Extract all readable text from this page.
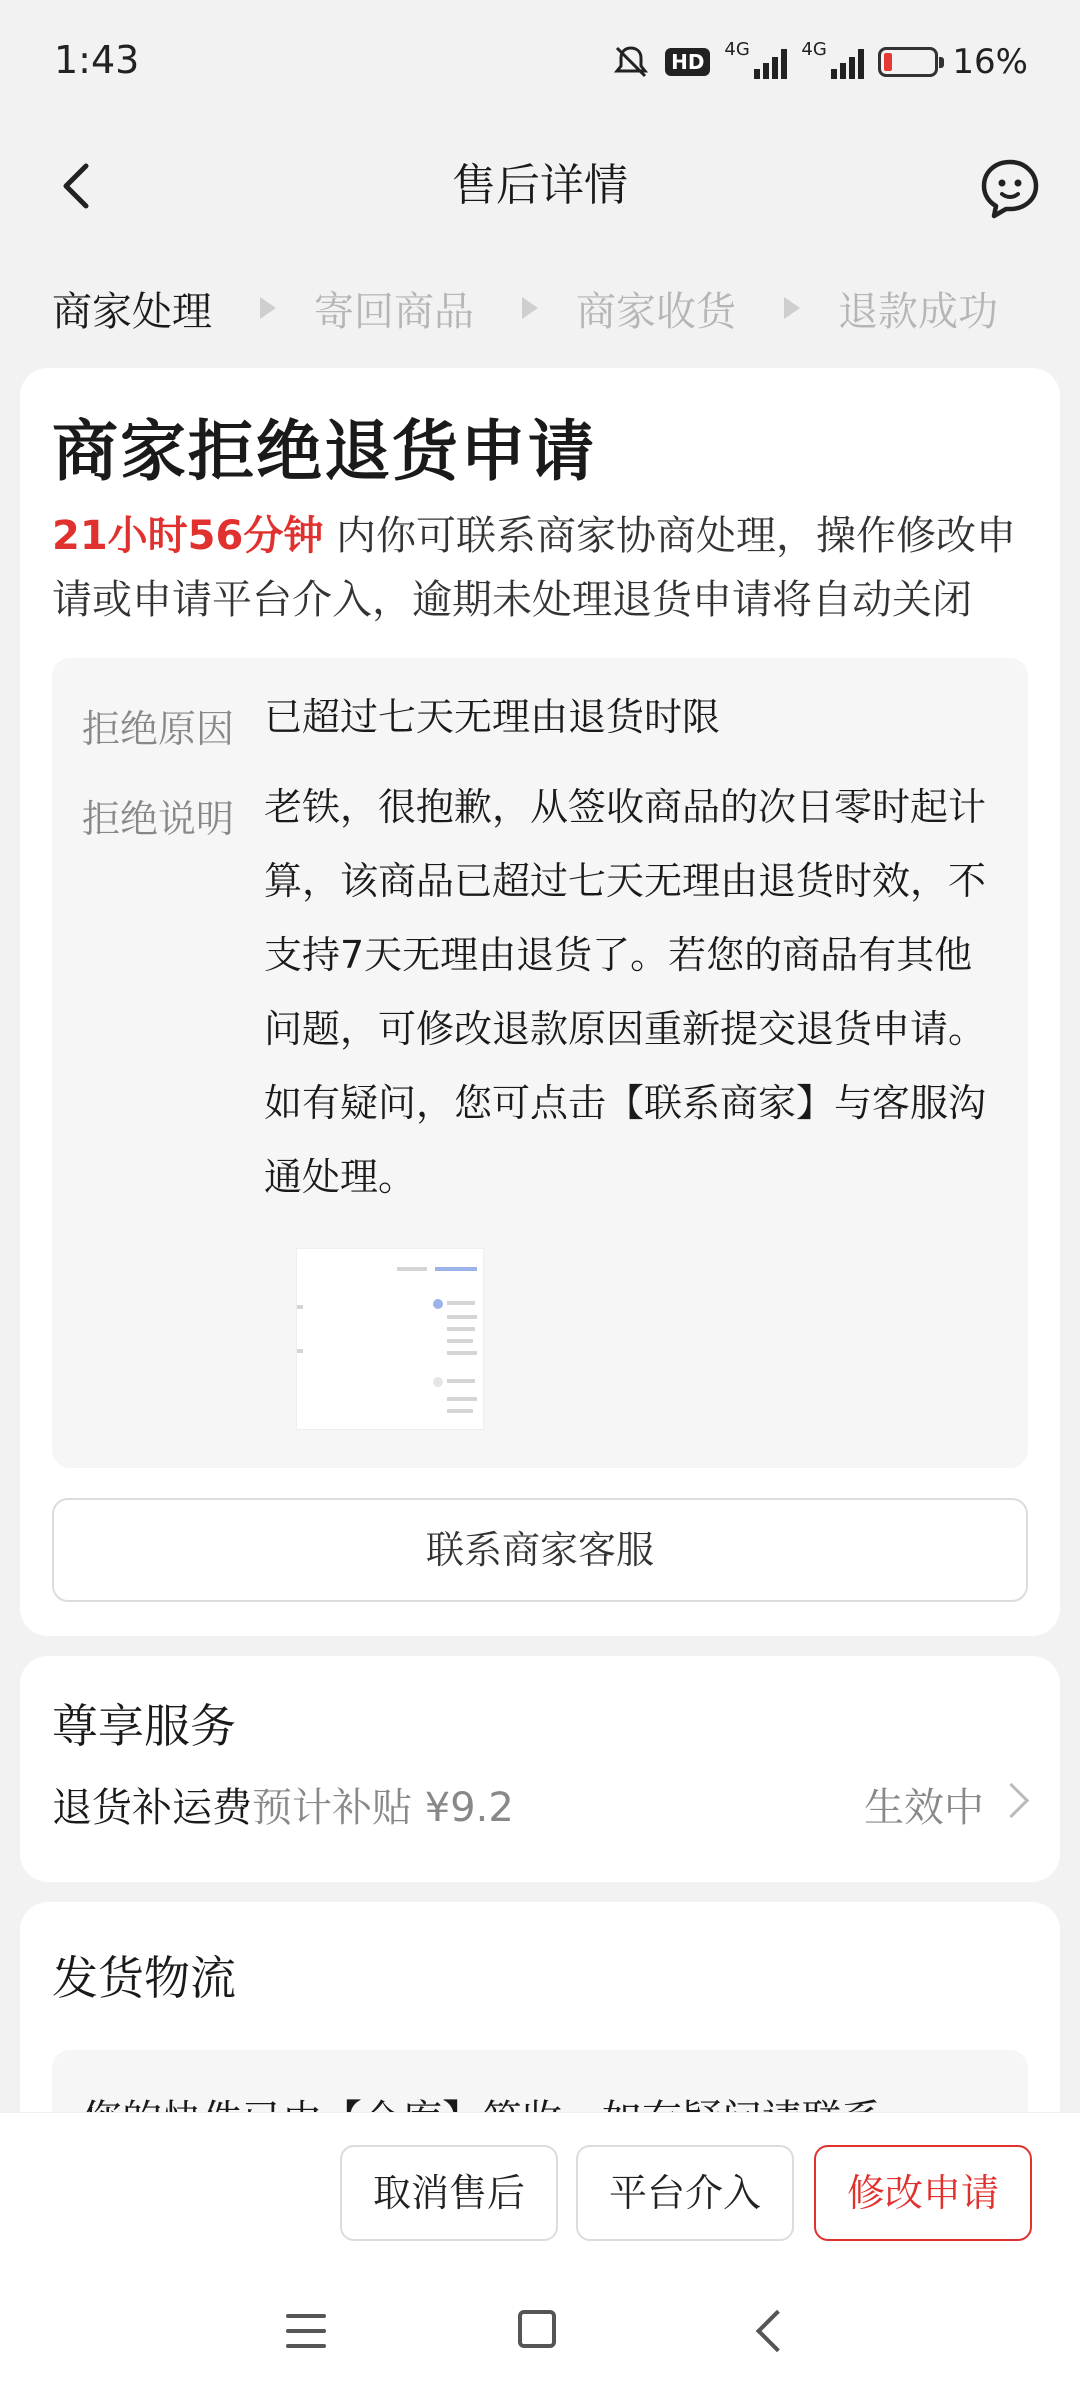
1:43	HD
4G	4G	16%
售后详情
商家处理	寄回商品	商家收货	退款成功
商家拒绝退货申请
21小时56分钟 内你可联系商家协商处理，操作修改申请或申请平台介入，逾期未处理退货申请将自动关闭
拒绝原因 已超过七天无理由退货时限
拒绝说明 老铁，很抱歉，从签收商品的次日零时起计算，该商品已超过七天无理由退货时效，不支持7天无理由退货了。若您的商品有其他问题，可修改退款原因重新提交退货申请。如有疑问，您可点击【联系商家】与客服沟通处理。
联系商家客服
尊享服务
退货补运费预计补贴 ¥9.2	生效中
发货物流
取消售后	平台介入	修改申请
